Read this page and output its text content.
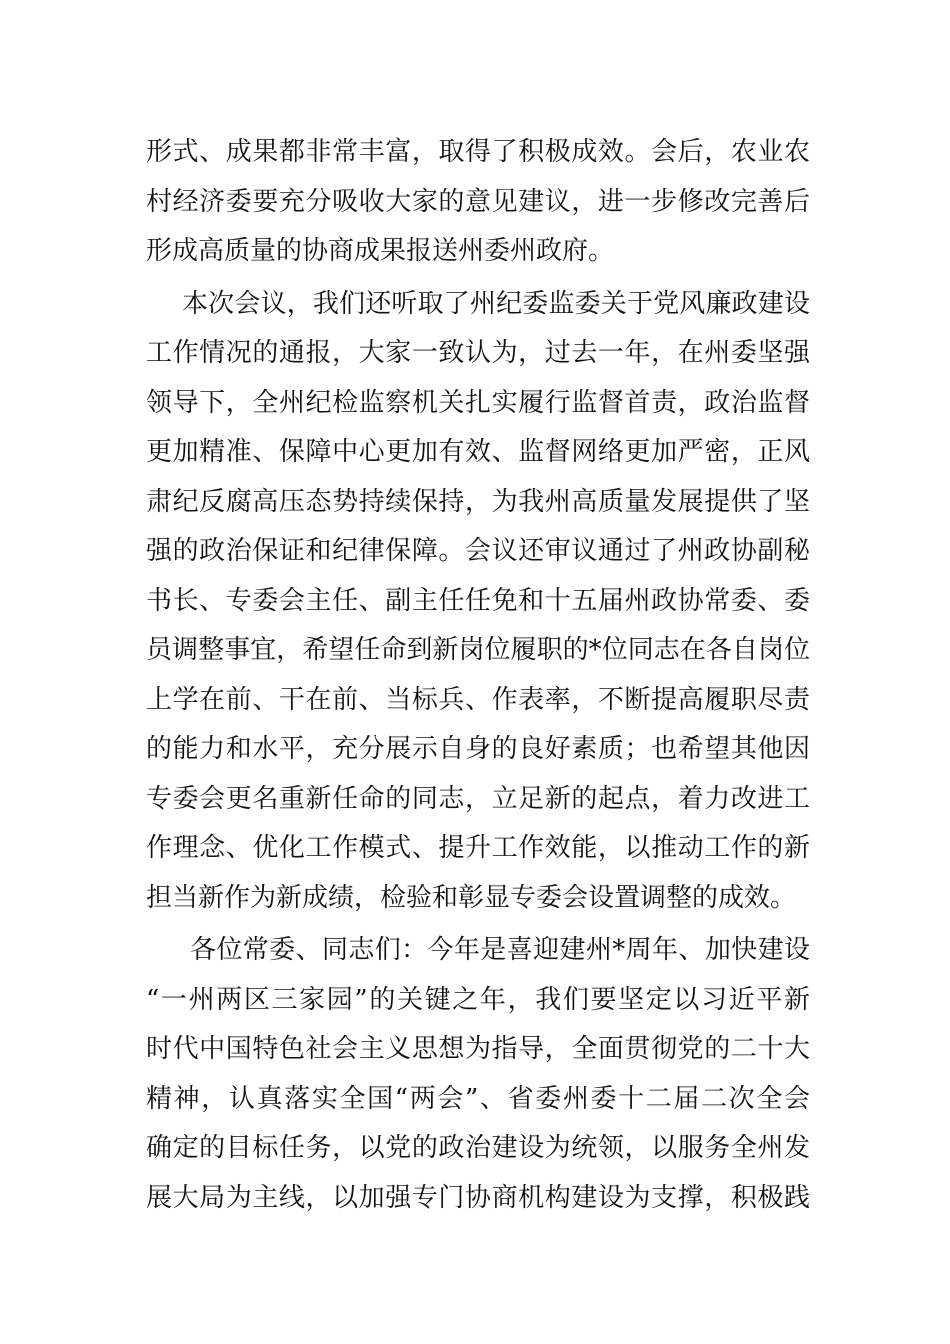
形式、成果都非常丰富，取得了积极成效。会后，农业农
村经济委要充分吸收大家的意见建议，进一步修改完善后
形成高质量的协商成果报送州委州政府。
本次会议，我们还听取了州纪委监委关于党风廉政建设
工作情况的通报，大家一致认为，过去一年，在州委坚强
领导下，全州纪检监察机关扎实履行监督首责，政治监督
更加精准、保障中心更加有效、监督网络更加严密，正风
肃纪反腐高压态势持续保持，为我州高质量发展提供了坚
强的政治保证和纪律保障。会议还审议通过了州政协副秘
书长、专委会主任、副主任任免和十五届州政协常委、委
员调整事宜，希望任命到新岗位履职的*位同志在各自岗位
上学在前、干在前、当标兵、作表率，不断提高履职尽责
的能力和水平，充分展示自身的良好素质；也希望其他因
专委会更名重新任命的同志，立足新的起点，着力改进工
作理念、优化工作模式、提升工作效能，以推动工作的新
担当新作为新成绩，检验和彰显专委会设置调整的成效。
各位常委、同志们：今年是喜迎建州*周年、加快建设
“一州两区三家园”的关键之年，我们要坚定以习近平新
时代中国特色社会主义思想为指导，全面贯彻党的二十大
精神，认真落实全国“两会”、省委州委十二届二次全会
确定的目标任务，以党的政治建设为统领，以服务全州发
展大局为主线，以加强专门协商机构建设为支撑，积极践
